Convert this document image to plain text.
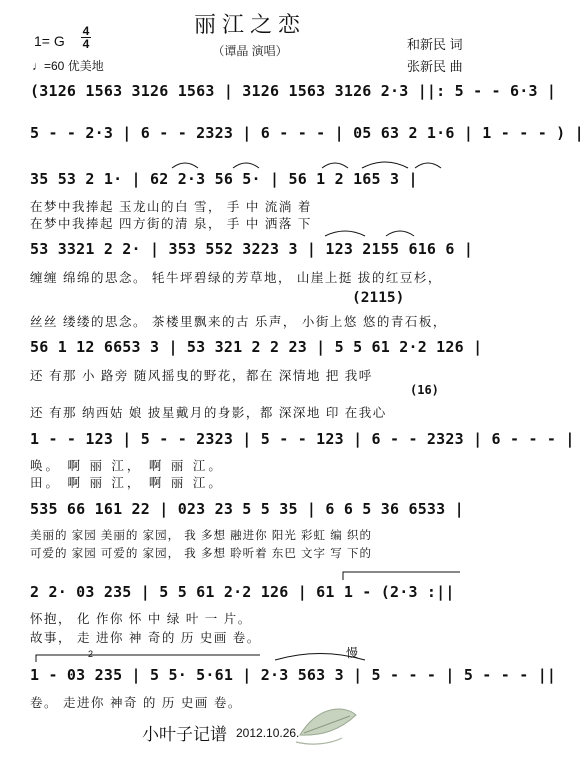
丽江之恋
（谭晶 演唱）
1= G
4
4
♩=60 优美地
和新民 词
张新民 曲
(3126 1563 3126 1563 | 3126 1563 3126 2·3 ||: 5 - - 6·3 |
5 - - 2·3 | 6 - - 2323 | 6 - - - | 05 63 2 1·6 | 1 - - - ) |
35 53 2 1· | 62 2·3 56 5· | 56 1 2 165 3 |
在梦中我捧起 玉龙山的白 雪， 手 中 流淌 着
在梦中我捧起 四方街的清 泉， 手 中 洒落 下
53 3321 2 2· | 353 552 3223 3 | 123 2155 616 6 |
缠缠 绵绵的思念。 牦牛坪碧绿的芳草地， 山崖上挺 拔的红豆杉，
(2115)
丝丝 缕缕的思念。 茶楼里飘来的古 乐声， 小街上悠 悠的青石板，
56 1 12 6653 3 | 53 321 2 2 23 | 5 5 61 2·2 126 |
还 有那 小 路旁 随风摇曳的野花，都在 深情地 把 我呼
(16)
还 有那 纳西姑 娘 披星戴月的身影，都 深深地 印 在我心
1 - - 123 | 5 - - 2323 | 5 - - 123 | 6 - - 2323 | 6 - - - |
唤。 啊 丽 江， 啊 丽 江。
田。 啊 丽 江， 啊 丽 江。
535 66 161 22 | 023 23 5 5 35 | 6 6 5 36 6533 |
美丽的 家园 美丽的 家园， 我 多想 融进你 阳光 彩虹 编 织的
可爱的 家园 可爱的 家园， 我 多想 聆听着 东巴 文字 写 下的
2 2· 03 235 | 5 5 61 2·2 126 | 61 1 - (2·3 :||
怀抱， 化 作你 怀 中 绿 叶 一 片。
故事， 走 进你 神 奇的 历 史画 卷。
慢
2
1 - 03 235 | 5 5· 5·61 | 2·3 563 3 | 5 - - - | 5 - - - ||
卷。 走进你 神奇 的 历 史画 卷。
小叶子记谱 2012.10.26.
